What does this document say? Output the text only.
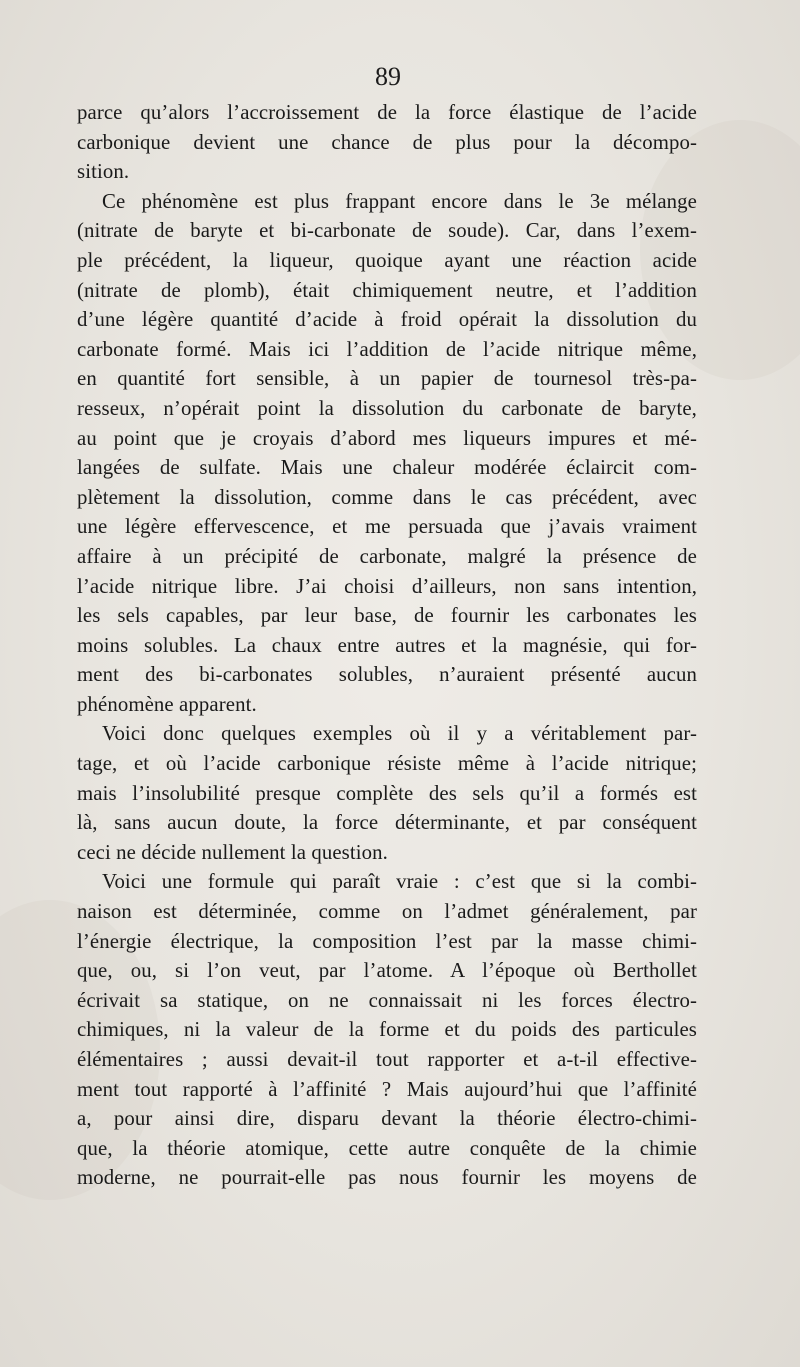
89
parce qu’alors l’accroissement de la force élastique de l’acide
carbonique devient une chance de plus pour la décompo-
sition.
Ce phénomène est plus frappant encore dans le 3e mélange
(nitrate de baryte et bi-carbonate de soude). Car, dans l’exem-
ple précédent, la liqueur, quoique ayant une réaction acide
(nitrate de plomb), était chimiquement neutre, et l’addition
d’une légère quantité d’acide à froid opérait la dissolution du
carbonate formé. Mais ici l’addition de l’acide nitrique même,
en quantité fort sensible, à un papier de tournesol très-pa-
resseux, n’opérait point la dissolution du carbonate de baryte,
au point que je croyais d’abord mes liqueurs impures et mé-
langées de sulfate. Mais une chaleur modérée éclaircit com-
plètement la dissolution, comme dans le cas précédent, avec
une légère effervescence, et me persuada que j’avais vraiment
affaire à un précipité de carbonate, malgré la présence de
l’acide nitrique libre. J’ai choisi d’ailleurs, non sans intention,
les sels capables, par leur base, de fournir les carbonates les
moins solubles. La chaux entre autres et la magnésie, qui for-
ment des bi-carbonates solubles, n’auraient présenté aucun
phénomène apparent.
Voici donc quelques exemples où il y a véritablement par-
tage, et où l’acide carbonique résiste même à l’acide nitrique;
mais l’insolubilité presque complète des sels qu’il a formés est
là, sans aucun doute, la force déterminante, et par conséquent
ceci ne décide nullement la question.
Voici une formule qui paraît vraie : c’est que si la combi-
naison est déterminée, comme on l’admet généralement, par
l’énergie électrique, la composition l’est par la masse chimi-
que, ou, si l’on veut, par l’atome. A l’époque où Berthollet
écrivait sa statique, on ne connaissait ni les forces électro-
chimiques, ni la valeur de la forme et du poids des particules
élémentaires ; aussi devait-il tout rapporter et a-t-il effective-
ment tout rapporté à l’affinité ? Mais aujourd’hui que l’affinité
a, pour ainsi dire, disparu devant la théorie électro-chimi-
que, la théorie atomique, cette autre conquête de la chimie
moderne, ne pourrait-elle pas nous fournir les moyens de
